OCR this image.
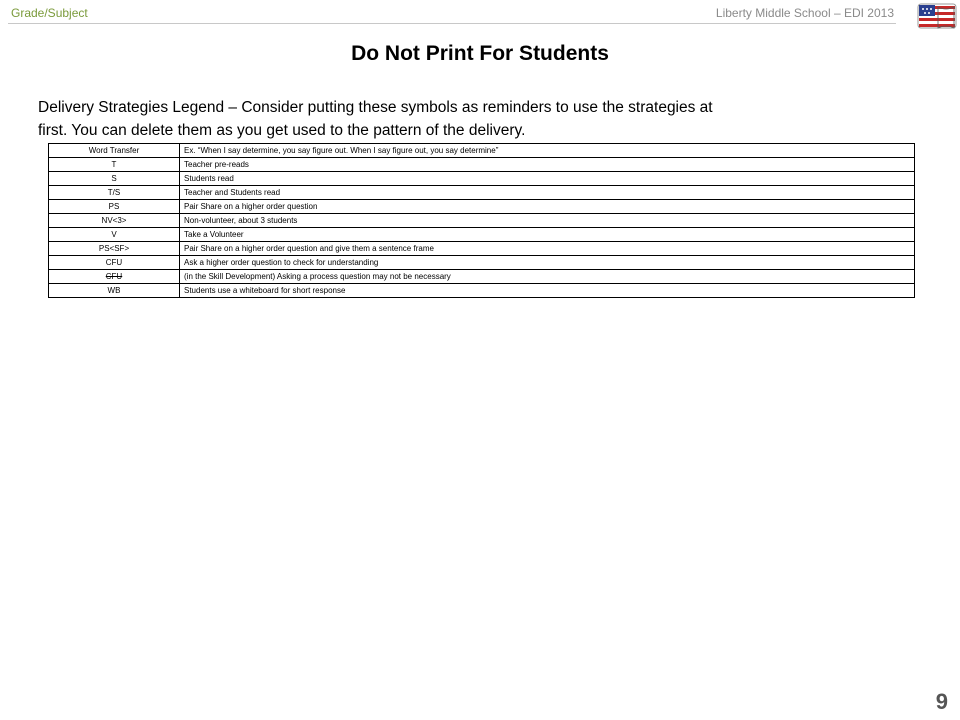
Grade/Subject	Liberty Middle School – EDI 2013
Do Not Print For Students
Delivery Strategies Legend – Consider putting these symbols as reminders to use the strategies at first. You can delete them as you get used to the pattern of the delivery.
Word Transfer	Ex. “When I say determine, you say figure out. When I say figure out, you say determine”
T	Teacher pre-reads
S	Students read
T/S	Teacher and Students read
PS	Pair Share on a higher order question
NV<3>	Non-volunteer, about 3 students
V	Take a Volunteer
PS<SF>	Pair Share on a higher order question and give them a sentence frame
CFU	Ask a higher order question to check for understanding
CFU	(in the Skill Development) Asking a process question may not be necessary
WB	Students use a whiteboard for short response
9
